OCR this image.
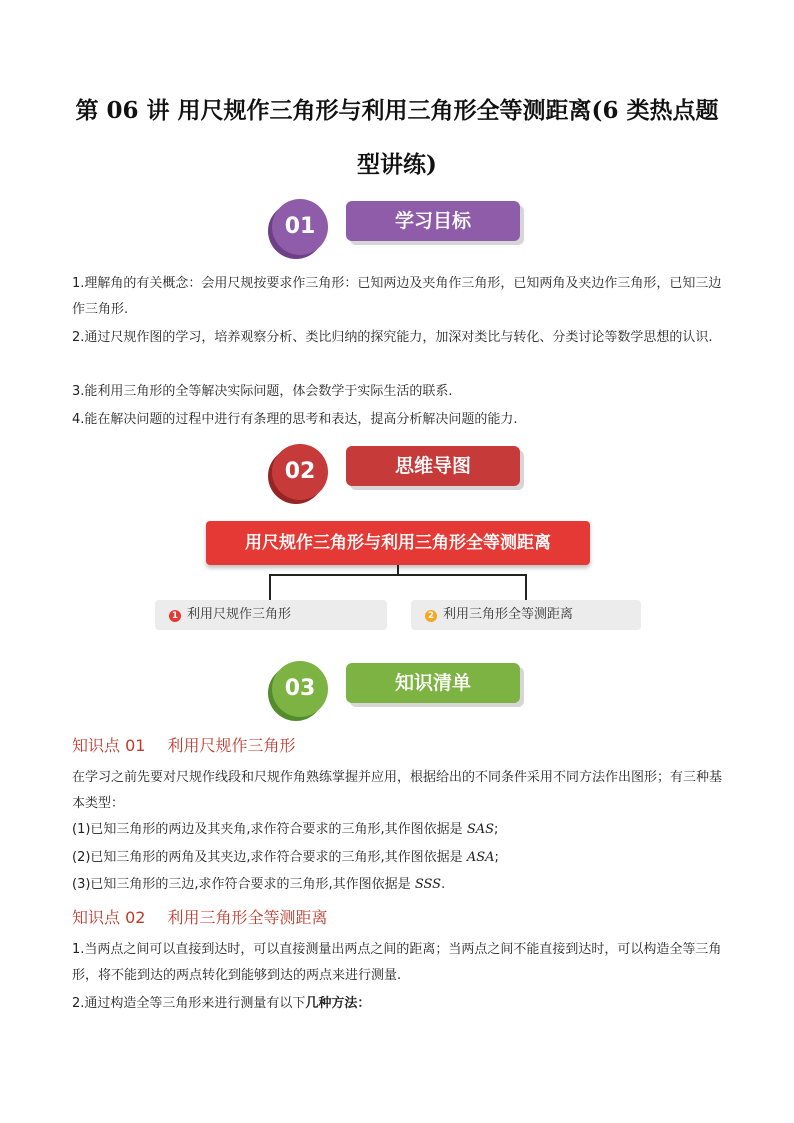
第 06 讲 用尺规作三角形与利用三角形全等测距离(6 类热点题
型讲练)
01	学习目标
1.理解角的有关概念：会用尺规按要求作三角形：已知两边及夹角作三角形，已知两角及夹边作三角形，已知三边作三角形.
2.通过尺规作图的学习，培养观察分析、类比归纳的探究能力，加深对类比与转化、分类讨论等数学思想的认识.
3.能利用三角形的全等解决实际问题，体会数学于实际生活的联系.
4.能在解决问题的过程中进行有条理的思考和表达，提高分析解决问题的能力.
02	思维导图
用尺规作三角形与利用三角形全等测距离
1 利用尺规作三角形	2 利用三角形全等测距离
03	知识清单
知识点 01 利用尺规作三角形
在学习之前先要对尺规作线段和尺规作角熟练掌握并应用，根据给出的不同条件采用不同方法作出图形；有三种基本类型：
(1)已知三角形的两边及其夹角,求作符合要求的三角形,其作图依据是 SAS;
(2)已知三角形的两角及其夹边,求作符合要求的三角形,其作图依据是 ASA;
(3)已知三角形的三边,求作符合要求的三角形,其作图依据是 SSS.
知识点 02 利用三角形全等测距离
1.当两点之间可以直接到达时，可以直接测量出两点之间的距离；当两点之间不能直接到达时，可以构造全等三角形，将不能到达的两点转化到能够到达的两点来进行测量.
2.通过构造全等三角形来进行测量有以下几种方法：
